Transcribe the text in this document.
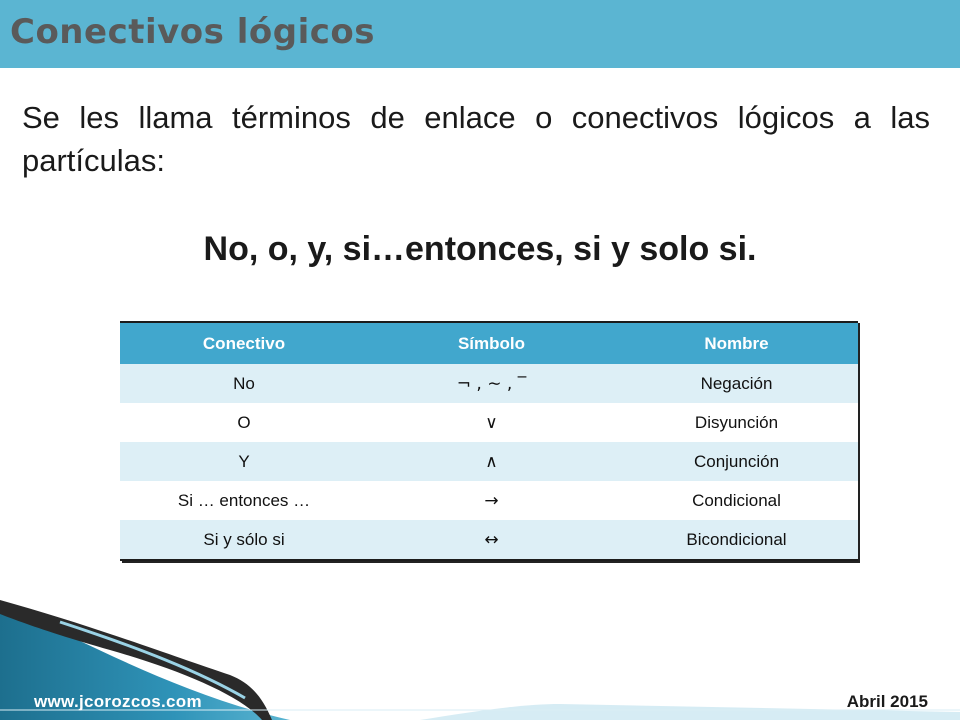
Conectivos lógicos
Se les llama términos de enlace o conectivos lógicos a las partículas:
No, o, y, si…entonces, si y solo si.
Conectivo	Símbolo	Nombre
No	¬ , ∼ , ‾	Negación
O	∨	Disyunción
Y	∧	Conjunción
Si … entonces …	→	Condicional
Si y sólo si	↔	Bicondicional
www.jcorozcos.com	Abril 2015
